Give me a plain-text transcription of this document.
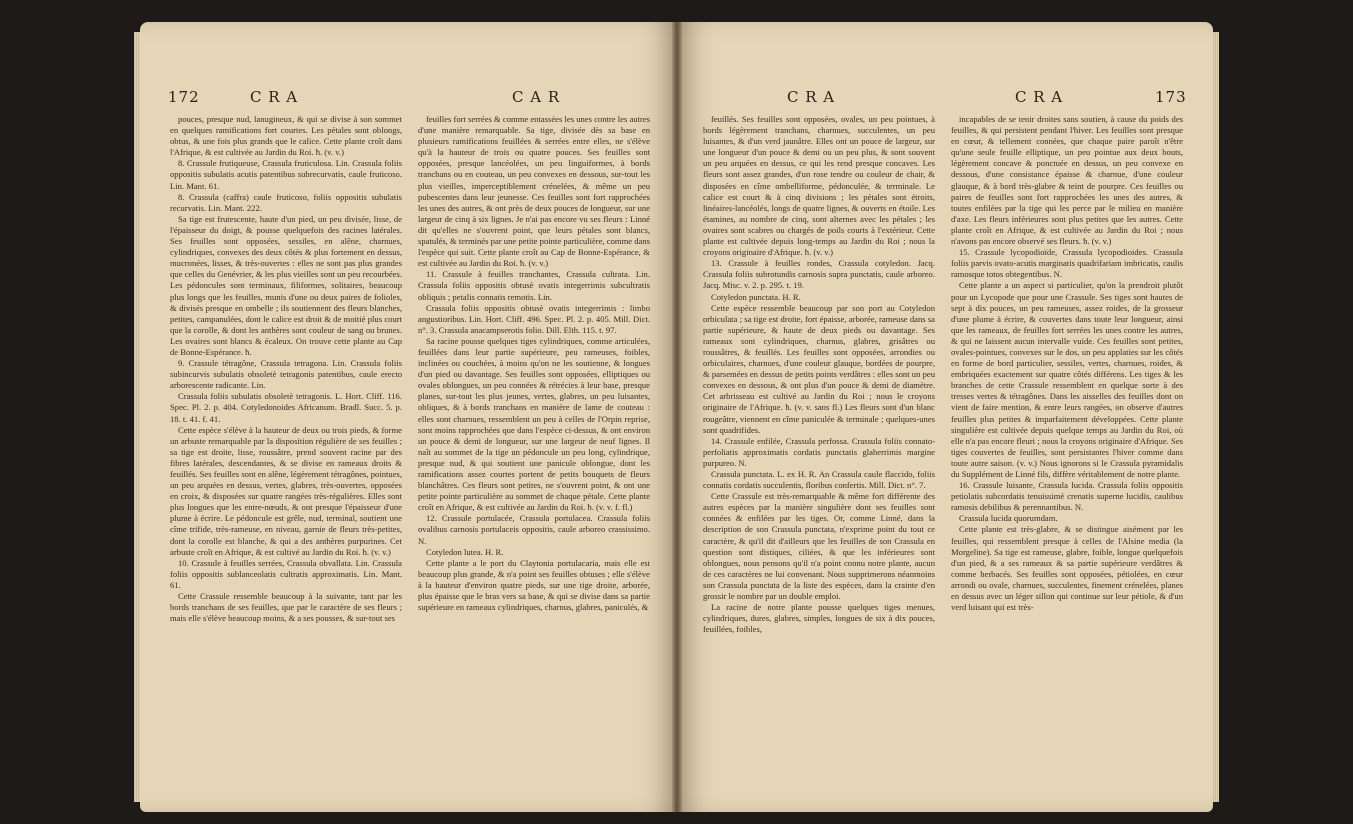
172	C R A	C A R

pouces, presque nud, lanugineux, & qui se divise à son sommet en quelques ramifications fort courtes. Les pétales sont oblongs, obtus, & une fois plus grands que le calice. Cette plante croît dans l'Afrique, & est cultivée au Jardin du Roi. ħ. (v. v.)

8. Crassule frutiqueuse, Crassula fruticulosa. Lin. Crassula foliis oppositis subulatis acutis patentibus subrecurvatis, caule fruticoso. Lin. Mant. 61.

8. Crassula (caffra) caule fruticoso, foliis oppositis subulatis recurvatis. Lin. Mant. 222.

Sa tige est frutescente, haute d'un pied, un peu divisée, lisse, de l'épaisseur du doigt, & pousse quelquefois des racines latérales. Ses feuilles sont opposées, sessiles, en alêne, charnues, cylindriques, convexes des deux côtés & plus fortement en dessus, mucronées, lisses, & très-ouvertes : elles ne sont pas plus grandes que celles du Genévrier, & les plus vieilles sont un peu recourbées. Les pédoncules sont terminaux, filiformes, solitaires, beaucoup plus longs que les feuilles, munis d'une ou deux paires de folioles, & divisés presque en ombelle ; ils soutiennent des fleurs blanches, petites, campanulées, dont le calice est droit & de moitié plus court que la corolle, & dont les anthères sont couleur de sang ou brunes. Les ovaires sont blancs & écaleux. On trouve cette plante au Cap de Bonne-Espérance. ħ.

9. Crassule tétragône, Crassula tetragona. Lin. Crassula foliis subincurvis subulatis obsoletè tetragonis patentibus, caule erecto arborescente radicante. Lin.

Crassula foliis subulatis obsoletè tetragonis. L. Hort. Cliff. 116. Spec. Pl. 2. p. 404. Cotyledonoides Africanum. Bradl. Succ. 5. p. 18. t. 41. f. 41.

Cette espèce s'élève à la hauteur de deux ou trois pieds, & forme un arbuste remarquable par la disposition régulière de ses feuilles ; sa tige est droite, lisse, roussâtre, prend souvent racine par des fibres latérales, descendantes, & se divise en rameaux droits & feuillés. Ses feuilles sont en alêne, légèrement tétragônes, pointues, un peu arquées en dessus, vertes, glabres, très-ouvertes, opposées en croix, & disposées sur quatre rangées très-régulières. Elles sont plus longues que les entre-nœuds, & ont presque l'épaisseur d'une plume à écrire. Le pédoncule est grêle, nud, terminal, soutient une cîme trifide, très-rameuse, en niveau, garnie de fleurs très-petites, dont la corolle est blanche, & qui a des anthères purpurines. Cet arbuste croît en Afrique, & est cultivé au Jardin du Roi. ħ. (v. v.)

10. Crassule à feuilles serrées, Crassula obvallata. Lin. Crassula foliis oppositis sublanceolatis cultratis approximatis. Lin. Mant. 61.

Cette Crassule ressemble beaucoup à la suivante, tant par les bords tranchans de ses feuilles, que par le caractère de ses fleurs ; mais elle s'élève beaucoup moins, & a ses pousses, & sur-tout ses

feuilles fort serrées & comme entassées les unes contre les autres d'une manière remarquable. Sa tige, divisée dès sa base en plusieurs ramifications feuillées & serrées entre elles, ne s'élève qu'à la hauteur de trois ou quatre pouces. Ses feuilles sont opposées, presque lancéolées, un peu linguiformes, à bords tranchans ou en couteau, un peu convexes en dessous, sur-tout les plus vieilles, imperceptiblement crénelées, & même un peu pubescentes dans leur jeunesse. Ces feuilles sont fort rapprochées les unes des autres, & ont près de deux pouces de longueur, sur une largeur de cinq à six lignes. Je n'ai pas encore vu ses fleurs : Linné dit qu'elles ne s'ouvrent point, que leurs pétales sont blancs, spatulés, & terminés par une petite pointe particulière, comme dans l'espèce qui suit. Cette plante croît au Cap de Bonne-Espérance, & est cultivée au Jardin du Roi. ħ. (v. v.)

11. Crassule à feuilles tranchantes, Crassula cultrata. Lin. Crassula foliis oppositis obtusè ovatis integerrimis subcultratis obliquis ; petalis connatis remotis. Lin.

Crassula foliis oppositis obtusè ovatis integerrimis : limbo angustioribus. Lin. Hort. Cliff. 496. Spec. Pl. 2. p. 405. Mill. Dict. n°. 3. Crassula anacampserotis folio. Dill. Elth. 115. t. 97.

Sa racine pousse quelques tiges cylindriques, comme articulées, feuillées dans leur partie supérieure, peu rameuses, foibles, inclinées ou couchées, à moins qu'on ne les soutienne, & longues d'un pied ou davantage. Ses feuilles sont opposées, elliptiques ou ovales oblongues, un peu connées & rétrécies à leur base, presque planes, sur-tout les plus jeunes, vertes, glabres, un peu luisantes, obliques, & à bords tranchans en manière de lame de couteau : elles sont charnues, ressemblent un peu à celles de l'Orpin reprise, sont moins rapprochées que dans l'espèce ci-dessus, & ont environ un pouce & demi de longueur, sur une largeur de neuf lignes. Il naît au sommet de la tige un pédoncule un peu long, cylindrique, presque nud, & qui soutient une panicule oblongue, dont les ramifications assez courtes portent de petits bouquets de fleurs blanchâtres. Ces fleurs sont petites, ne s'ouvrent point, & ont une petite pointe particulière au sommet de chaque pétale. Cette plante croît en Afrique, & est cultivée au Jardin du Roi. ħ. (v. v. f. fl.)

12. Crassule portulacée, Crassula portulacea. Crassula foliis ovalibus carnosis portulaceis oppositis, caule arboreo crassissimo. N.

Cotyledon lutea. H. R.

Cette plante a le port du Claytonia portulacaria, mais elle est beaucoup plus grande, & n'a point ses feuilles obtuses ; elle s'élève à la hauteur d'environ quatre pieds, sur une tige droite, arborée, plus épaisse que le bras vers sa base, & qui se divise dans sa partie supérieure en rameaux cylindriques, charnus, glabres, paniculés, &

C R A	C R A	173

feuillés. Ses feuilles sont opposées, ovales, un peu pointues, à bords légèrement tranchans, charnues, succulentes, un peu luisantes, & d'un verd jaunâtre. Elles ont un pouce de largeur, sur une longueur d'un pouce & demi ou un peu plus, & sont souvent un peu arquées en dessus, ce qui les rend presque concaves. Les fleurs sont assez grandes, d'un rose tendre ou couleur de chair, & disposées en cîme ombelliforme, pédonculée, & terminale. Le calice est court & à cinq divisions ; les pétales sont étroits, linéaires-lancéolés, longs de quatre lignes, & ouverts en étoile. Les étamines, au nombre de cinq, sont alternes avec les pétales ; les ovaires sont scabres ou chargés de poils courts à l'extérieur. Cette plante est cultivée depuis long-temps au Jardin du Roi ; nous la croyons originaire d'Afrique. ħ. (v. v.)

13. Crassule à feuilles rondes, Crassula cotyledon. Jacq. Crassula foliis subrotundis carnosis supra punctatis, caule arboreo. Jacq. Misc. v. 2. p. 295. t. 19.

Cotyledon punctata. H. R.

Cette espèce ressemble beaucoup par son port au Cotyledon orbiculata ; sa tige est droite, fort épaisse, arborée, rameuse dans sa partie supérieure, & haute de deux pieds ou davantage. Ses rameaux sont cylindriques, charnus, glabres, grisâtres ou roussâtres, & feuillés. Les feuilles sont opposées, arrondies ou orbiculaires, charnues, d'une couleur glauque, bordées de pourpre, & parsemées en dessus de petits points verdâtres : elles sont un peu convexes en dessous, & ont plus d'un pouce & demi de diamètre. Cet arbrisseau est cultivé au Jardin du Roi ; nous le croyons originaire de l'Afrique. ħ. (v. v. sans fl.) Les fleurs sont d'un blanc rougeâtre, viennent en cîme paniculée & terminale ; quelques-unes sont quadrifides.

14. Crassule enfilée, Crassula perfossa. Crassula foliis connato-perfoliatis approximatis cordatis punctatis glaberrimis margine purpureo. N.

Crassula punctata. L. ex H. R. An Crassula caule flaccido, foliis connatis cordatis succulentis, floribus confertis. Mill. Dict. n°. 7.

Cette Crassule est très-remarquable & même fort différente des autres espèces par la manière singulière dont ses feuilles sont connées & enfilées par les tiges. Or, comme Linné, dans la description de son Crassula punctata, n'exprime point du tout ce caractère, & qu'il dit d'ailleurs que les feuilles de son Crassula en question sont distiques, ciliées, & que les inférieures sont oblongues, nous pensons qu'il n'a point connu notre plante, aucun de ces caractères ne lui convenant. Nous supprimerons néanmoins son Crassula punctata de la liste des espèces, dans la crainte d'en grossir le nombre par un double emploi.

La racine de notre plante pousse quelques tiges menues, cylindriques, dures, glabres, simples, longues de six à dix pouces, feuillées, foibles,

incapables de se tenir droites sans soutien, à cause du poids des feuilles, & qui persistent pendant l'hiver. Les feuilles sont presque en cœur, & tellement connées, que chaque paire paroît n'être qu'une seule feuille elliptique, un peu pointue aux deux bouts, légèrement concave & ponctuée en dessus, un peu convexe en dessous, d'une consistance épaisse & charnue, d'une couleur glauque, & à bord très-glabre & teint de pourpre. Ces feuilles ou paires de feuilles sont fort rapprochées les unes des autres, & toutes enfilées par la tige qui les perce par le milieu en manière d'axe. Les fleurs inférieures sont plus petites que les autres. Cette plante croît en Afrique, & est cultivée au Jardin du Roi ; nous n'avons pas encore observé ses fleurs. ħ. (v. v.)

15. Crassule lycopodioïde, Crassula lycopodioides. Crassula foliis parvis ovato-acutis marginatis quadrifariam imbricatis, caulis ramosque totos obtegentibus. N.

Cette plante a un aspect si particulier, qu'on la prendroit plutôt pour un Lycopode que pour une Crassule. Ses tiges sont hautes de sept à dix pouces, un peu rameuses, assez roides, de la grosseur d'une plume à écrire, & couvertes dans toute leur longueur, ainsi que les rameaux, de feuilles fort serrées les unes contre les autres, & qui ne laissent aucun intervalle vuide. Ces feuilles sont petites, ovales-pointues, convexes sur le dos, un peu applaties sur les côtés en forme de bord particulier, sessiles, vertes, charnues, roides, & embriquées exactement sur quatre côtés différens. Les tiges & les branches de cette Crassule ressemblent en quelque sorte à des tresses vertes & tétragônes. Dans les aisselles des feuilles dont on vient de faire mention, & entre leurs rangées, on observe d'autres feuilles plus petites & imparfaitement développées. Cette plante singulière est cultivée depuis quelque temps au Jardin du Roi, où elle n'a pas encore fleuri ; nous la croyons originaire d'Afrique. Ses tiges couvertes de feuilles, sont persistantes l'hiver comme dans toute autre saison. (v. v.) Nous ignorons si le Crassula pyramidalis du Supplément de Linné fils, diffère véritablement de notre plante.

16. Crassule luisante, Crassula lucida. Crassula foliis oppositis petiolatis subcordatis tenuissimè crenatis superne lucidis, caulibus ramosis debilibus & perennantibus. N.

Crassula lucida quorumdam.

Cette plante est très-glabre, & se distingue aisément par les feuilles, qui ressemblent presque à celles de l'Alsine media (la Morgeline). Sa tige est rameuse, glabre, foible, longue quelquefois d'un pied, & a ses rameaux & sa partie supérieure verdâtres & comme herbacés. Ses feuilles sont opposées, pétiolées, en cœur arrondi ou ovale, charnues, succulentes, finement crénelées, planes en dessus avec un léger sillon qui continue sur leur pétiole, & d'un verd luisant qui est très-
